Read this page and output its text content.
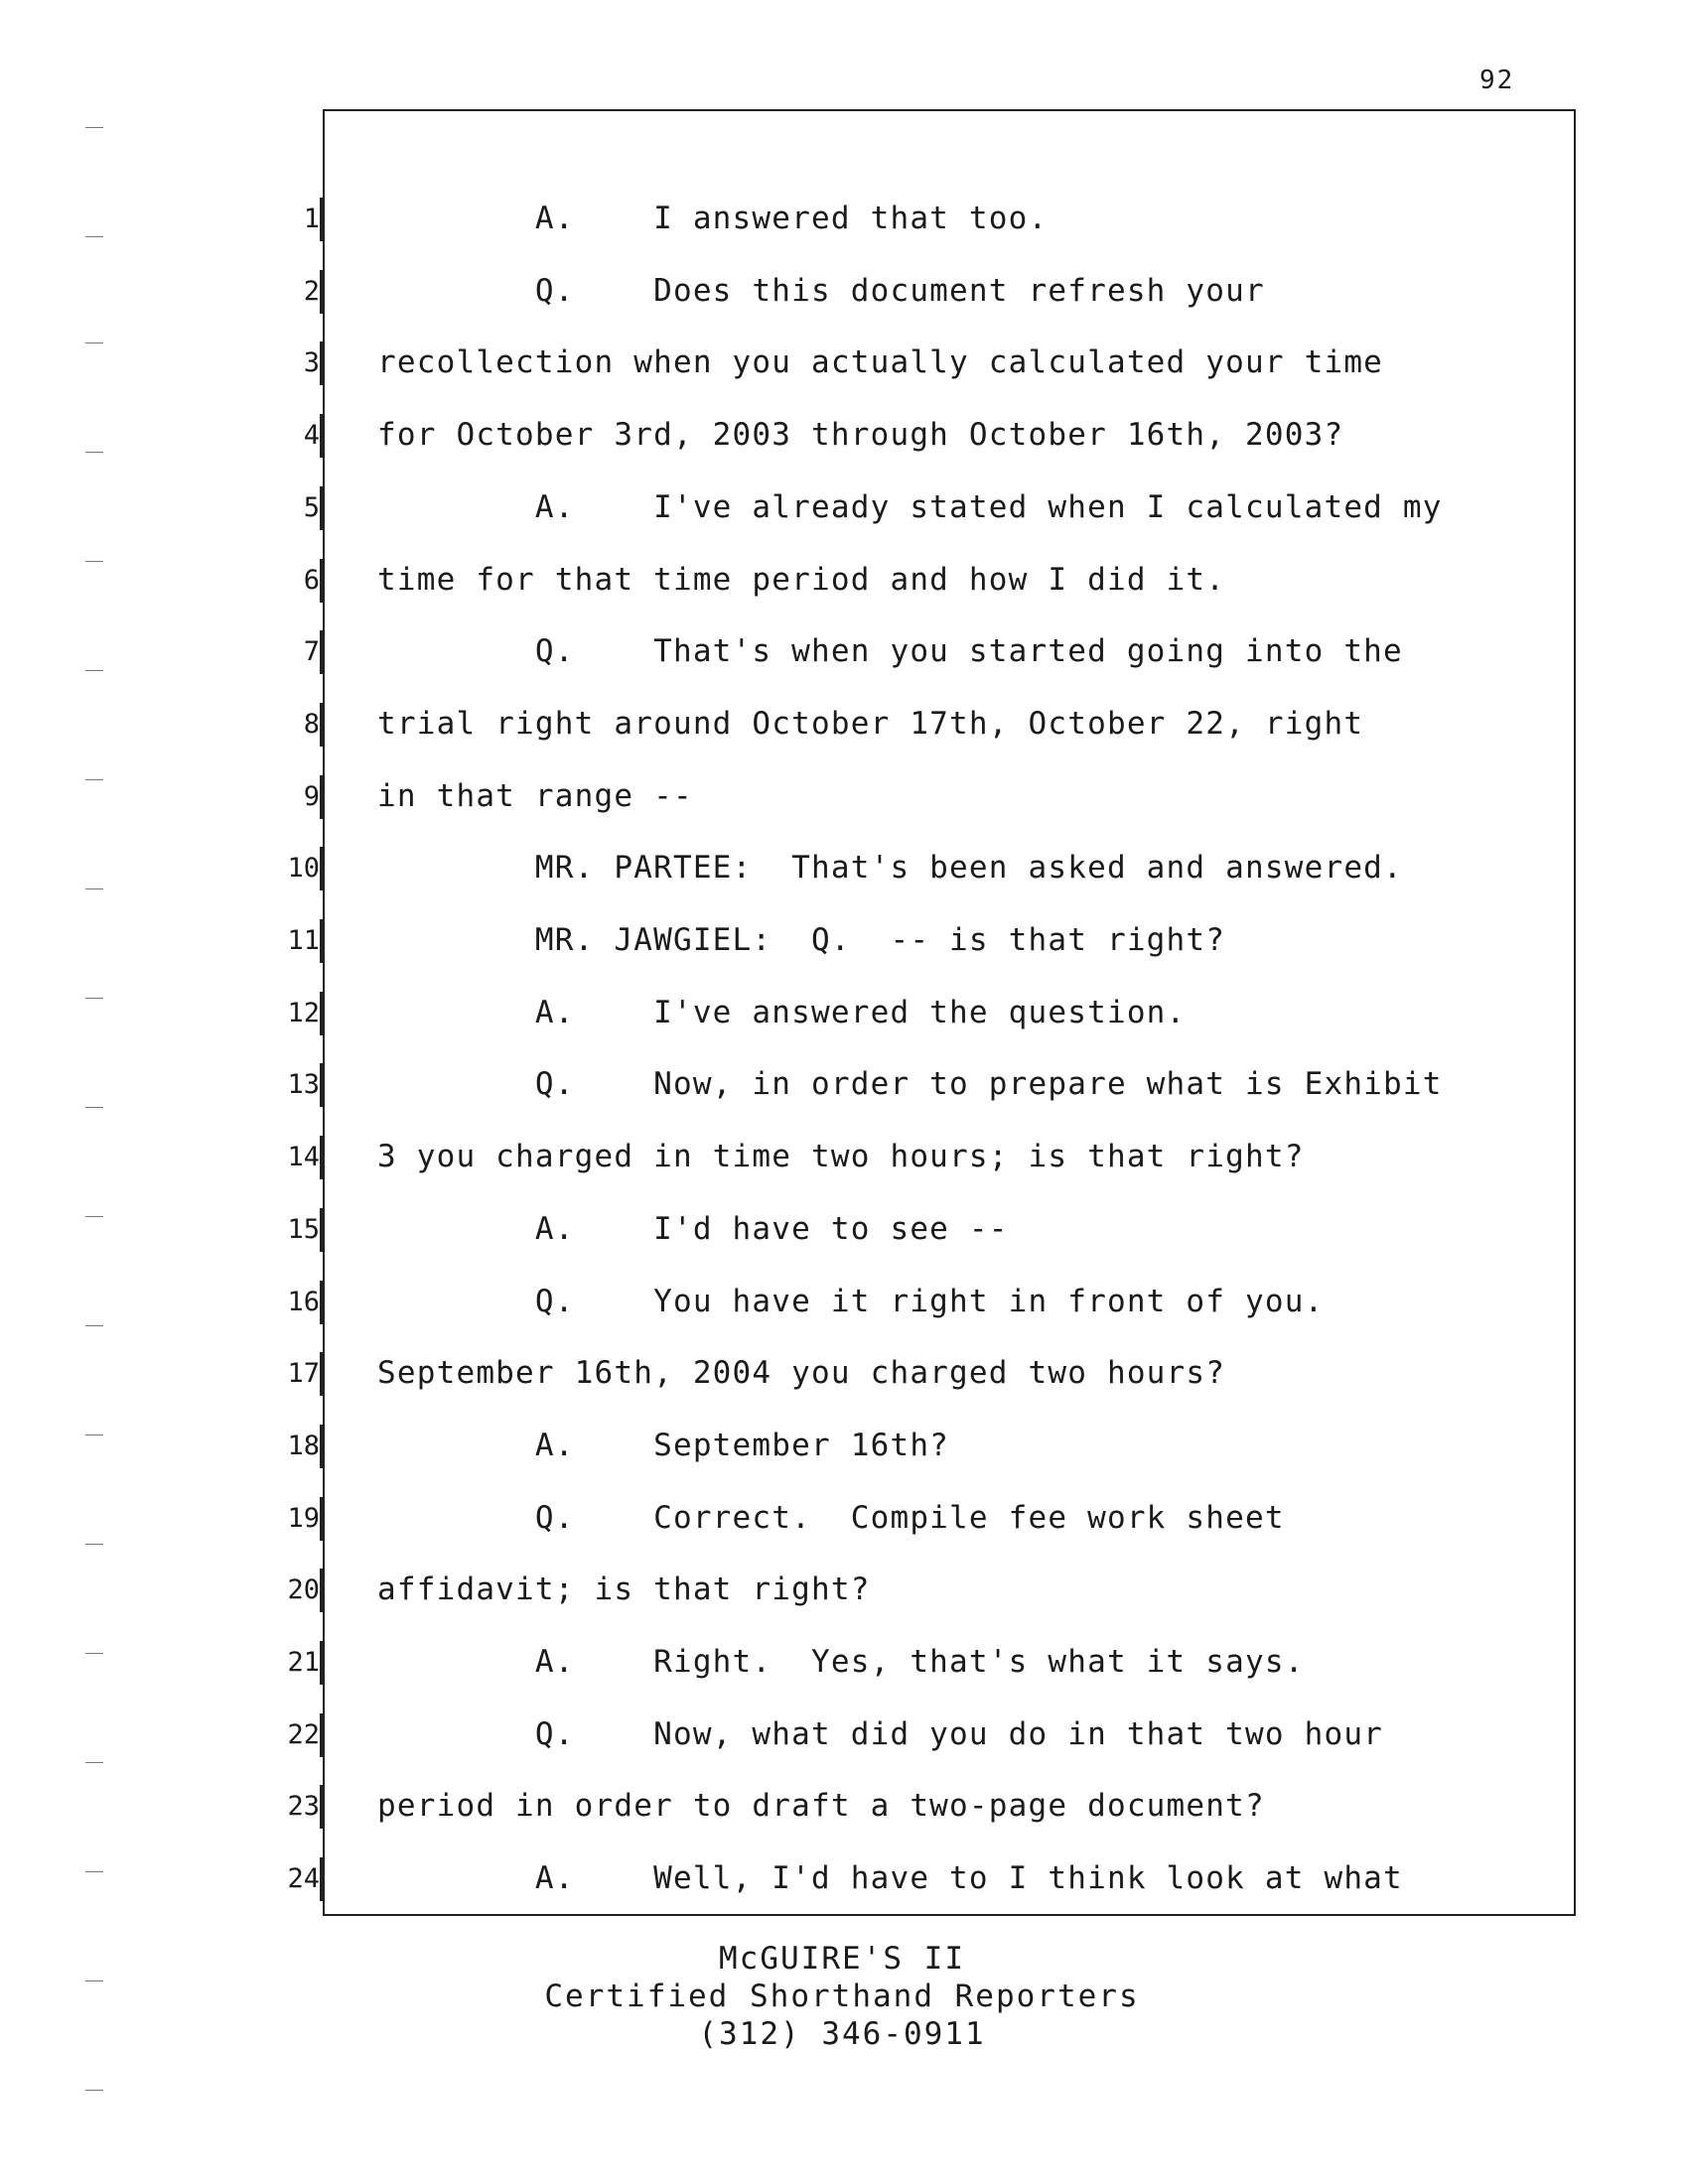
92
1 A.    I answered that too.
2 Q.    Does this document refresh your
3 recollection when you actually calculated your time
4 for October 3rd, 2003 through October 16th, 2003?
5 A.    I've already stated when I calculated my
6 time for that time period and how I did it.
7 Q.    That's when you started going into the
8 trial right around October 17th, October 22, right
9 in that range --
10 MR. PARTEE:  That's been asked and answered.
11 MR. JAWGIEL:  Q.  -- is that right?
12 A.    I've answered the question.
13 Q.    Now, in order to prepare what is Exhibit
14 3 you charged in time two hours; is that right?
15 A.    I'd have to see --
16 Q.    You have it right in front of you.
17 September 16th, 2004 you charged two hours?
18 A.    September 16th?
19 Q.    Correct.  Compile fee work sheet
20 affidavit; is that right?
21 A.    Right.  Yes, that's what it says.
22 Q.    Now, what did you do in that two hour
23 period in order to draft a two-page document?
24 A.    Well, I'd have to I think look at what
McGUIRE'S II
Certified Shorthand Reporters
(312) 346-0911
